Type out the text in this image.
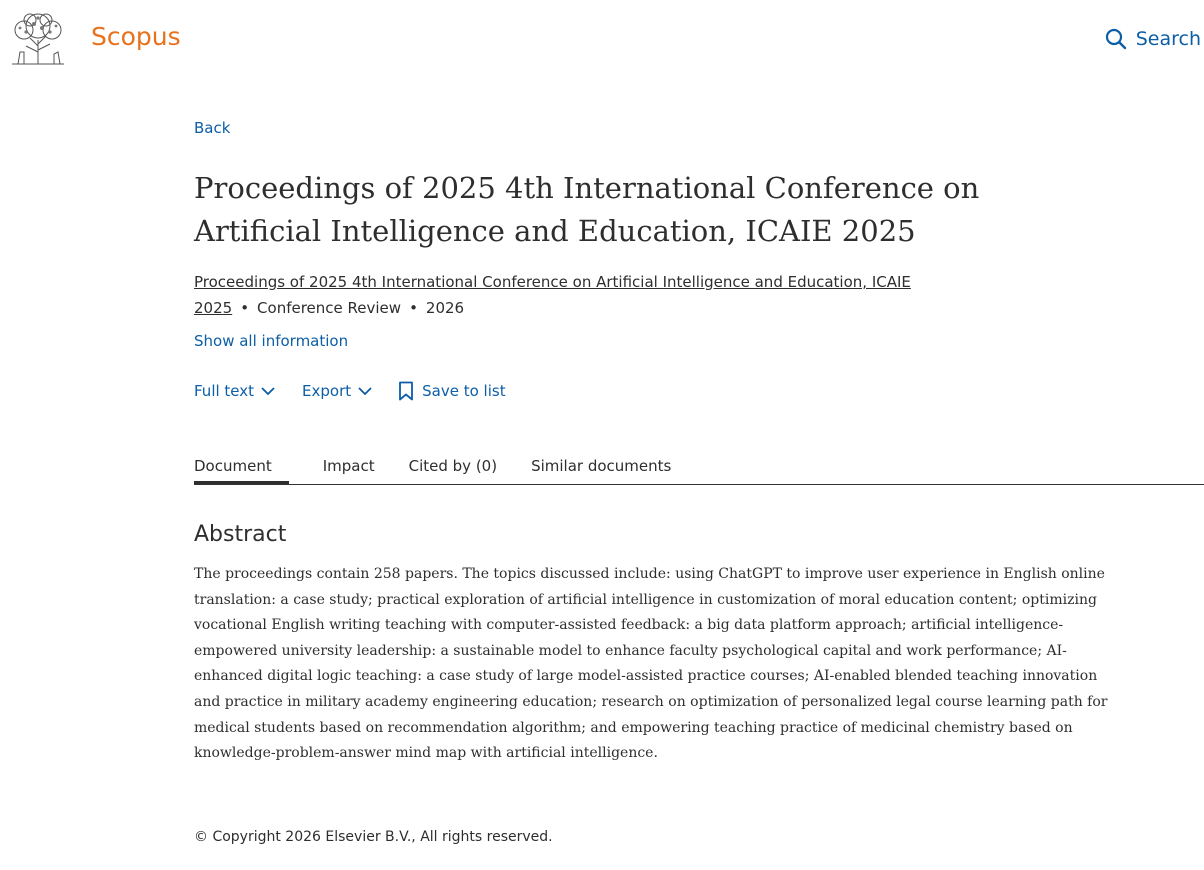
Scopus	Search
Back
Proceedings of 2025 4th International Conference on Artificial Intelligence and Education, ICAIE 2025
Proceedings of 2025 4th International Conference on Artificial Intelligence and Education, ICAIE 2025 • Conference Review • 2026
Show all information
Full text	Export	Save to list
Document	Impact Cited by (0) Similar documents
Abstract

The proceedings contain 258 papers. The topics discussed include: using ChatGPT to improve user experience in English online translation: a case study; practical exploration of artificial intelligence in customization of moral education content; optimizing vocational English writing teaching with computer-assisted feedback: a big data platform approach; artificial intelligence-empowered university leadership: a sustainable model to enhance faculty psychological capital and work performance; AI-enhanced digital logic teaching: a case study of large model-assisted practice courses; AI-enabled blended teaching innovation and practice in military academy engineering education; research on optimization of personalized legal course learning path for medical students based on recommendation algorithm; and empowering teaching practice of medicinal chemistry based on knowledge-problem-answer mind map with artificial intelligence.

© Copyright 2026 Elsevier B.V., All rights reserved.
